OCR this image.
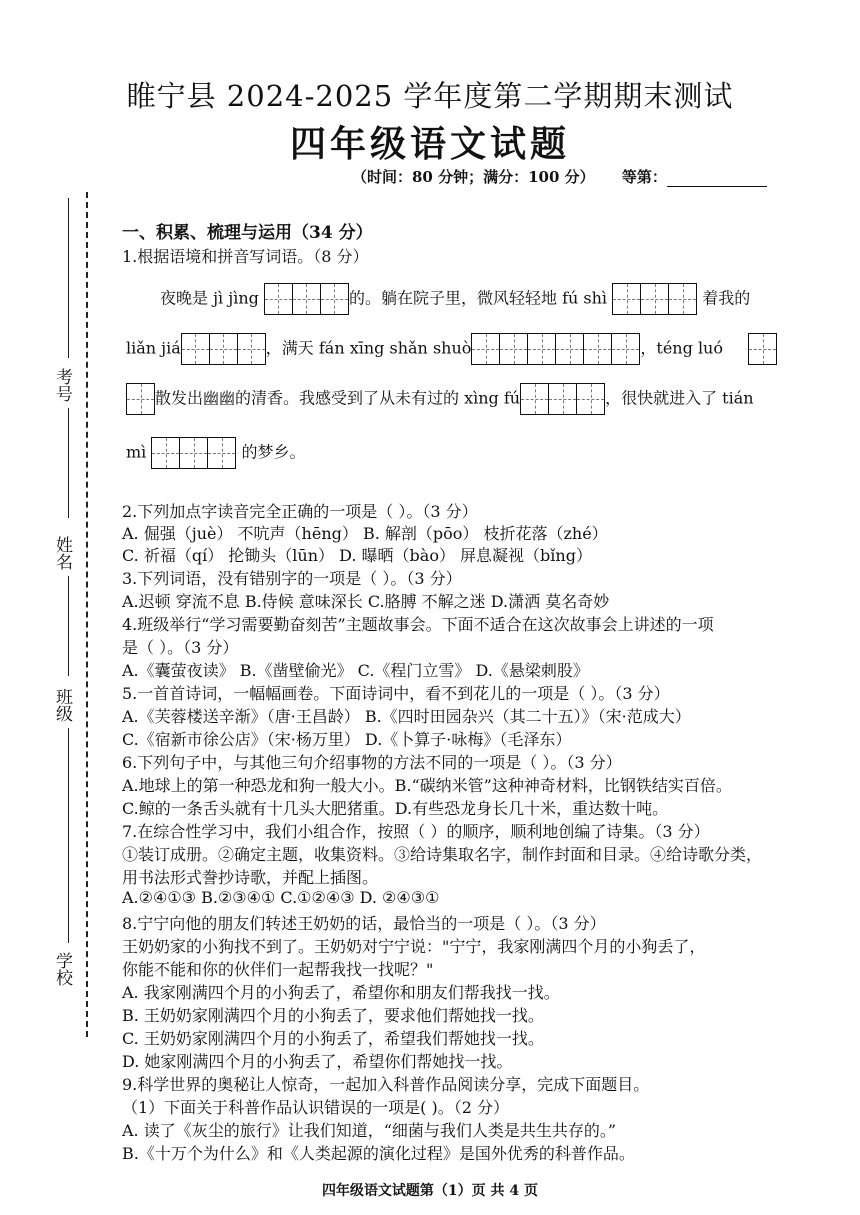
睢宁县 2024-2025 学年度第二学期期末测试
四年级语文试题
（时间：80 分钟；满分：100 分） 等第：
考号
姓名
班级
学校
一、积累、梳理与运用（34 分）
1.根据语境和拼音写词语。（8 分）
夜晚是 jì jìng	的。躺在院子里，微风轻轻地 fú shì	着我的
liǎn jiá	，满天 fán xīng shǎn shuò	，téng luó
散发出幽幽的清香。我感受到了从未有过的 xìng fú	，很快就进入了 tián
mì	的梦乡。
2.下列加点字读音完全正确的一项是（ ）。（3 分）
A. 倔强（juè） 不吭声（hēng） B. 解剖（pōo） 枝折花落（zhé）
C. 祈福（qí） 抡锄头（lūn） D. 曝晒（bào） 屏息凝视（bǐng）
3.下列词语，没有错别字的一项是（ ）。（3 分）
A.迟顿 穿流不息 B.侍候 意味深长 C.胳膊 不解之迷 D.潇洒 莫名奇妙
4.班级举行“学习需要勤奋刻苦”主题故事会。下面不适合在这次故事会上讲述的一项
是（ ）。（3 分）
A.《囊萤夜读》 B.《凿壁偷光》 C.《程门立雪》 D.《悬梁刺股》
5.一首首诗词，一幅幅画卷。下面诗词中，看不到花儿的一项是（ ）。（3 分）
A.《芙蓉楼送辛渐》（唐·王昌龄） B.《四时田园杂兴（其二十五）》（宋·范成大）
C.《宿新市徐公店》（宋·杨万里） D.《卜算子·咏梅》（毛泽东）
6.下列句子中，与其他三句介绍事物的方法不同的一项是（ ）。（3 分）
A.地球上的第一种恐龙和狗一般大小。B.“碳纳米管”这种神奇材料，比钢铁结实百倍。
C.鲸的一条舌头就有十几头大肥猪重。D.有些恐龙身长几十米，重达数十吨。
7.在综合性学习中，我们小组合作，按照（ ）的顺序，顺利地创编了诗集。（3 分）
①装订成册。②确定主题，收集资料。③给诗集取名字，制作封面和目录。④给诗歌分类，
用书法形式誊抄诗歌，并配上插图。
A.②④①③ B.②③④① C.①②④③ D. ②④③①
8.宁宁向他的朋友们转述王奶奶的话，最恰当的一项是（ ）。（3 分）
王奶奶家的小狗找不到了。王奶奶对宁宁说："宁宁，我家刚满四个月的小狗丢了，
你能不能和你的伙伴们一起帮我找一找呢？"
A. 我家刚满四个月的小狗丢了，希望你和朋友们帮我找一找。
B. 王奶奶家刚满四个月的小狗丢了，要求他们帮她找一找。
C. 王奶奶家刚满四个月的小狗丢了，希望我们帮她找一找。
D. 她家刚满四个月的小狗丢了，希望你们帮她找一找。
9.科学世界的奥秘让人惊奇，一起加入科普作品阅读分享，完成下面题目。
（1）下面关于科普作品认识错误的一项是( )。（2 分）
A. 读了《灰尘的旅行》让我们知道，“细菌与我们人类是共生共存的。”
B.《十万个为什么》和《人类起源的演化过程》是国外优秀的科普作品。
四年级语文试题第（1）页 共 4 页
